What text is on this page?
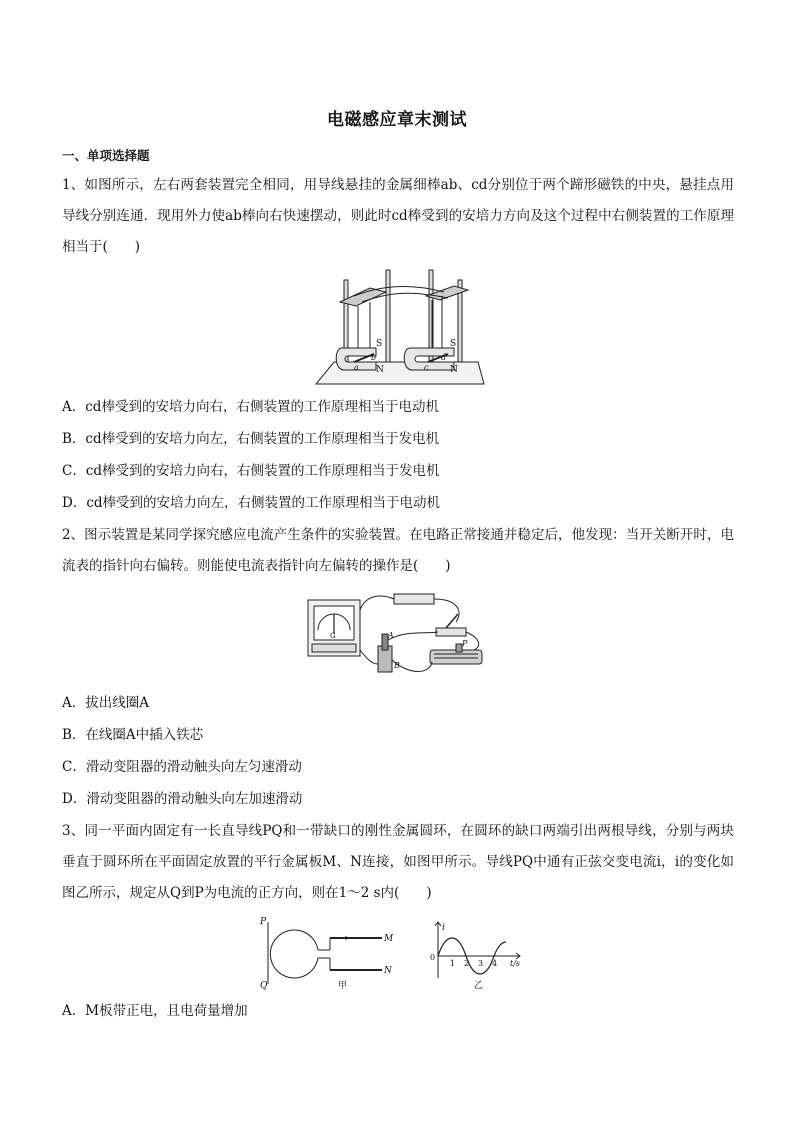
电磁感应章末测试
一、单项选择题
1、如图所示，左右两套装置完全相同，用导线悬挂的金属细棒ab、cd分别位于两个蹄形磁铁的中央，悬挂点用导线分别连通．现用外力使ab棒向右快速摆动，则此时cd棒受到的安培力方向及这个过程中右侧装置的工作原理相当于(　　)
S
N
S
N
a
b
c
d
A．cd棒受到的安培力向右，右侧装置的工作原理相当于电动机
B．cd棒受到的安培力向左，右侧装置的工作原理相当于发电机
C．cd棒受到的安培力向右，右侧装置的工作原理相当于发电机
D．cd棒受到的安培力向左，右侧装置的工作原理相当于电动机
2、图示装置是某同学探究感应电流产生条件的实验装置。在电路正常接通并稳定后，他发现：当开关断开时，电流表的指针向右偏转。则能使电流表指针向左偏转的操作是(　　)
G
P
A
B
A．拔出线圈A
B．在线圈A中插入铁芯
C．滑动变阻器的滑动触头向左匀速滑动
D．滑动变阻器的滑动触头向左加速滑动
3、同一平面内固定有一长直导线PQ和一带缺口的刚性金属圆环，在圆环的缺口两端引出两根导线，分别与两块垂直于圆环所在平面固定放置的平行金属板M、N连接，如图甲所示。导线PQ中通有正弦交变电流i，i的变化如图乙所示，规定从Q到P为电流的正方向，则在1～2 s内(　　)
P
Q
M
N
甲
i
0
1 2 3 4 t/s
乙
A．M板带正电，且电荷量增加
